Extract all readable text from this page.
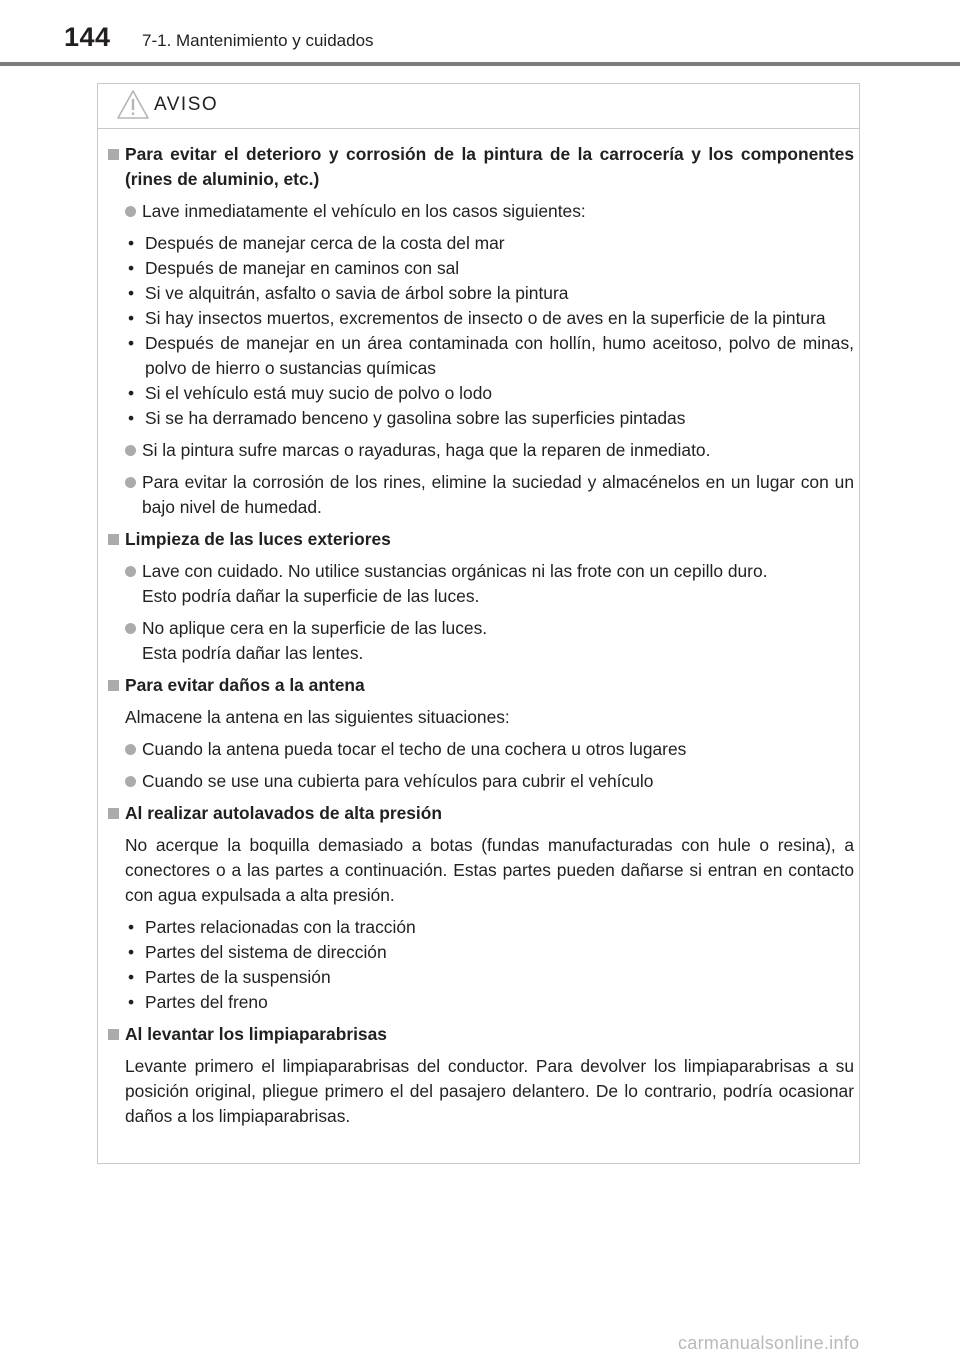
144 7-1. Mantenimiento y cuidados
AVISO
Para evitar el deterioro y corrosión de la pintura de la carrocería y los componentes (rines de aluminio, etc.)
Lave inmediatamente el vehículo en los casos siguientes:
• Después de manejar cerca de la costa del mar
• Después de manejar en caminos con sal
• Si ve alquitrán, asfalto o savia de árbol sobre la pintura
• Si hay insectos muertos, excrementos de insecto o de aves en la superficie de la pintura
• Después de manejar en un área contaminada con hollín, humo aceitoso, polvo de minas, polvo de hierro o sustancias químicas
• Si el vehículo está muy sucio de polvo o lodo
• Si se ha derramado benceno y gasolina sobre las superficies pintadas
Si la pintura sufre marcas o rayaduras, haga que la reparen de inmediato.
Para evitar la corrosión de los rines, elimine la suciedad y almacénelos en un lugar con un bajo nivel de humedad.
Limpieza de las luces exteriores
Lave con cuidado. No utilice sustancias orgánicas ni las frote con un cepillo duro.
Esto podría dañar la superficie de las luces.
No aplique cera en la superficie de las luces.
Esta podría dañar las lentes.
Para evitar daños a la antena
Almacene la antena en las siguientes situaciones:
Cuando la antena pueda tocar el techo de una cochera u otros lugares
Cuando se use una cubierta para vehículos para cubrir el vehículo
Al realizar autolavados de alta presión
No acerque la boquilla demasiado a botas (fundas manufacturadas con hule o resina), a conectores o a las partes a continuación. Estas partes pueden dañarse si entran en contacto con agua expulsada a alta presión.
• Partes relacionadas con la tracción
• Partes del sistema de dirección
• Partes de la suspensión
• Partes del freno
Al levantar los limpiaparabrisas
Levante primero el limpiaparabrisas del conductor. Para devolver los limpiaparabrisas a su posición original, pliegue primero el del pasajero delantero. De lo contrario, podría ocasionar daños a los limpiaparabrisas.
carmanualsonline.info
